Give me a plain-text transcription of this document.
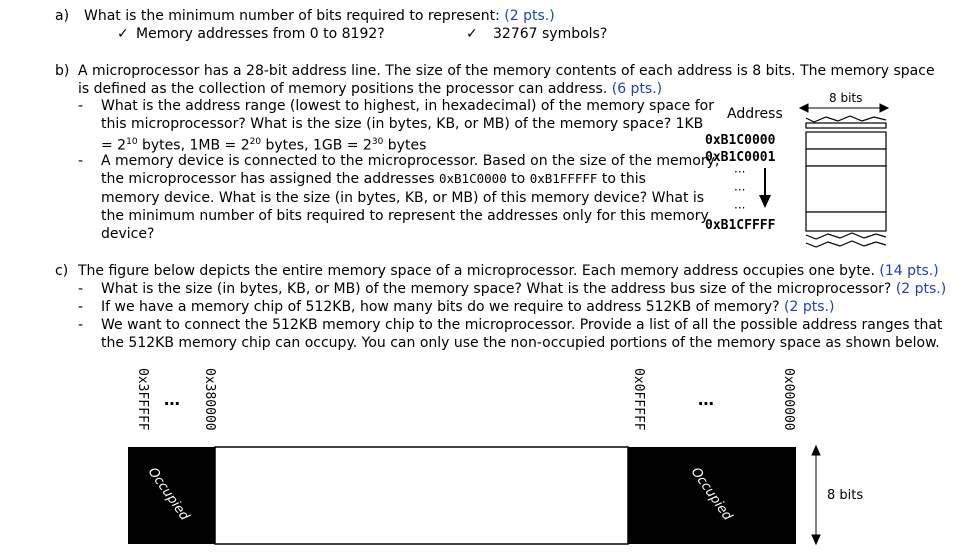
a) What is the minimum number of bits required to represent: (2 pts.)
✓ Memory addresses from 0 to 8192?	✓ 32767 symbols?
b) A microprocessor has a 28-bit address line. The size of the memory contents of each address is 8 bits. The memory space
is defined as the collection of memory positions the processor can address. (6 pts.)
- What is the address range (lowest to highest, in hexadecimal) of the memory space for
this microprocessor? What is the size (in bytes, KB, or MB) of the memory space? 1KB
= $2^{10}$ bytes, $1MB = 2^{20}$ bytes, $1GB = 2^{30}$ bytes
- A memory device is connected to the microprocessor. Based on the size of the memory,
the microprocessor has assigned the addresses 0xB1C0000 to 0xB1FFFFF to this
memory device. What is the size (in bytes, KB, or MB) of this memory device? What is
the minimum number of bits required to represent the addresses only for this memory
device?
Address
8 bits
0xB1C0000
0xB1C0001
0xB1CFFFF
···
···
···
c) The figure below depicts the entire memory space of a microprocessor. Each memory address occupies one byte. (14 pts.)
- What is the size (in bytes, KB, or MB) of the memory space? What is the address bus size of the microprocessor? (2 pts.)
- If we have a memory chip of 512KB, how many bits do we require to address 512KB of memory? (2 pts.)
- We want to connect the 512KB memory chip to the microprocessor. Provide a list of all the possible address ranges that
the 512KB memory chip can occupy. You can only use the non-occupied portions of the memory space as shown below.
0x3FFFFF	0x380000	0x0FFFFF	0x000000
⋯	⋯
Occupied	Occupied	8 bits
